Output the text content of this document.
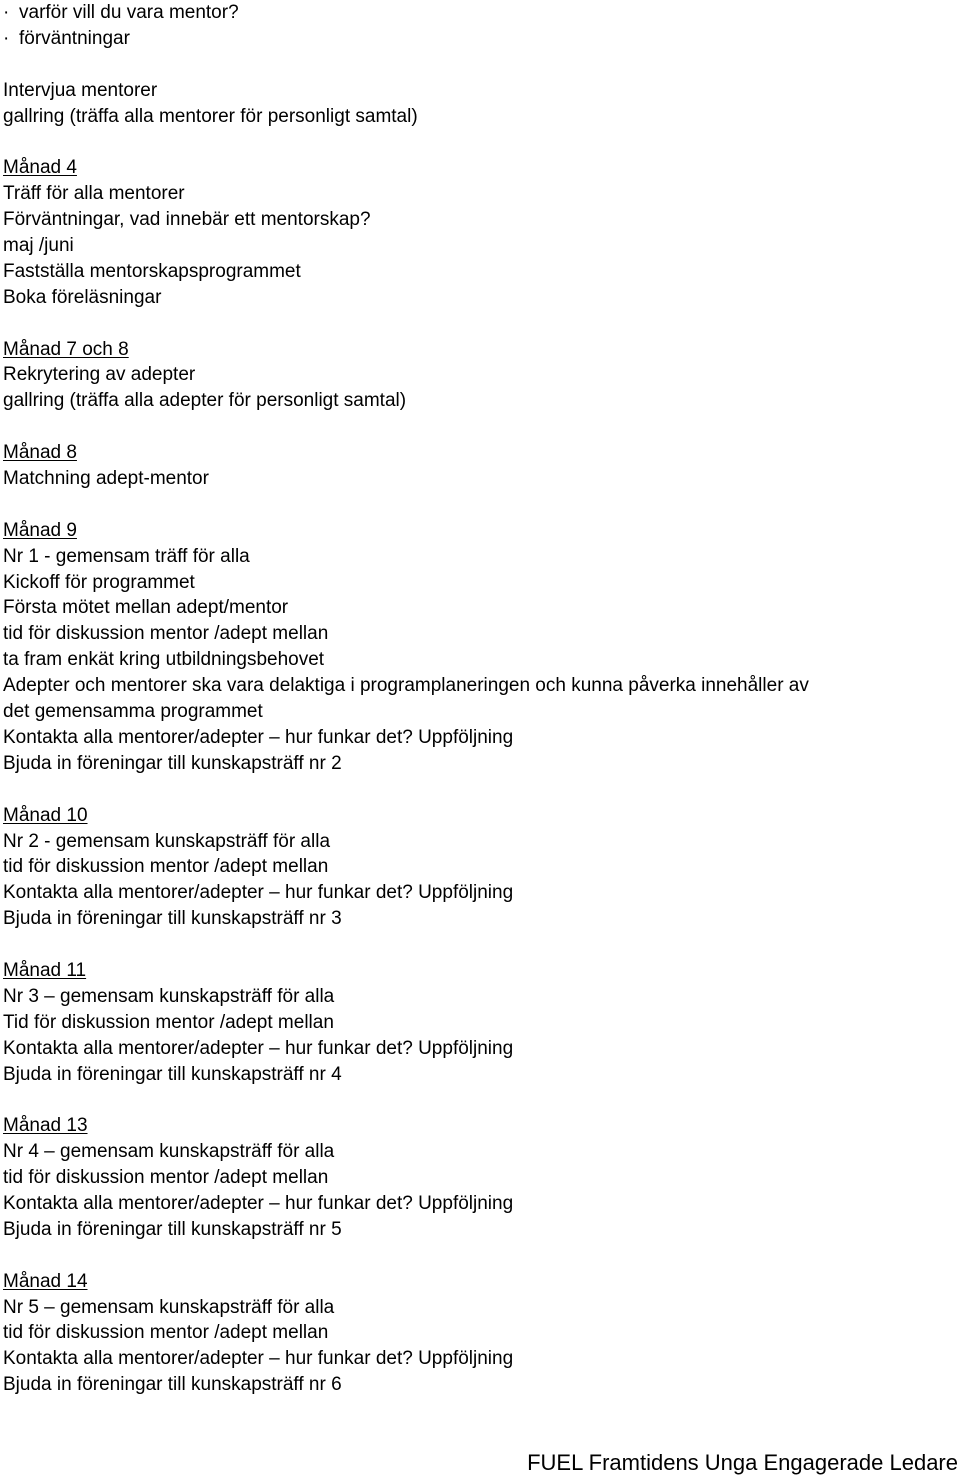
· varför vill du vara mentor?
· förväntningar
Intervjua mentorer
gallring (träffa alla mentorer för personligt samtal)
Månad 4
Träff för alla mentorer
Förväntningar, vad innebär ett mentorskap?
maj /juni
Fastställa mentorskapsprogrammet
Boka föreläsningar
Månad 7 och 8
Rekrytering av adepter
gallring (träffa alla adepter för personligt samtal)
Månad 8
Matchning adept-mentor
Månad 9
Nr 1 - gemensam träff för alla
Kickoff för programmet
Första mötet mellan adept/mentor
tid för diskussion mentor /adept mellan
ta fram enkät kring utbildningsbehovet
Adepter och mentorer ska vara delaktiga i programplaneringen och kunna påverka innehåller av
det gemensamma programmet
Kontakta alla mentorer/adepter – hur funkar det? Uppföljning
Bjuda in föreningar till kunskapsträff nr 2
Månad 10
Nr 2 - gemensam kunskapsträff för alla
tid för diskussion mentor /adept mellan
Kontakta alla mentorer/adepter – hur funkar det? Uppföljning
Bjuda in föreningar till kunskapsträff nr 3
Månad 11
Nr 3 – gemensam kunskapsträff för alla
Tid för diskussion mentor /adept mellan
Kontakta alla mentorer/adepter – hur funkar det? Uppföljning
Bjuda in föreningar till kunskapsträff nr 4
Månad 13
Nr 4 – gemensam kunskapsträff för alla
tid för diskussion mentor /adept mellan
Kontakta alla mentorer/adepter – hur funkar det? Uppföljning
Bjuda in föreningar till kunskapsträff nr 5
Månad 14
Nr 5 – gemensam kunskapsträff för alla
tid för diskussion mentor /adept mellan
Kontakta alla mentorer/adepter – hur funkar det? Uppföljning
Bjuda in föreningar till kunskapsträff nr 6
FUEL Framtidens Unga Engagerade Ledare
